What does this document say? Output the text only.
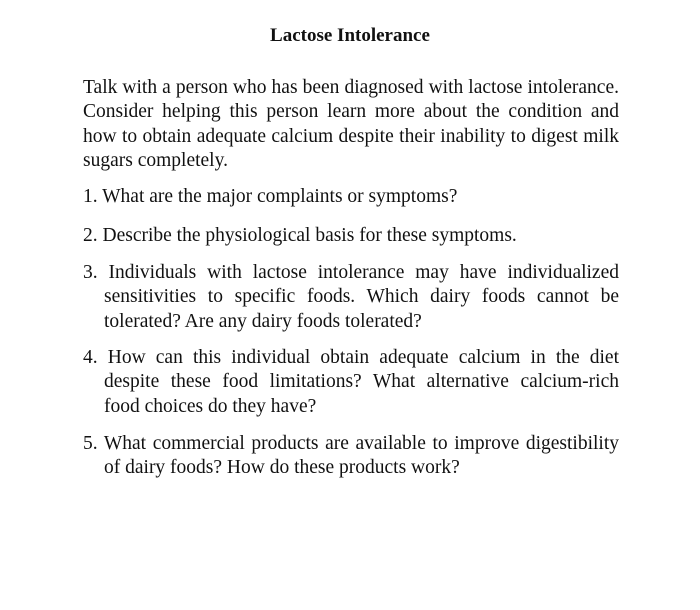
Lactose Intolerance
Talk with a person who has been diagnosed with lactose intolerance. Consider helping this person learn more about the condition and how to obtain adequate calcium despite their inability to digest milk sugars completely.
1. What are the major complaints or symptoms?
2. Describe the physiological basis for these symptoms.
3. Individuals with lactose intolerance may have individualized sensitivities to specific foods. Which dairy foods cannot be tolerated? Are any dairy foods tolerated?
4. How can this individual obtain adequate calcium in the diet despite these food limitations? What alternative calcium-rich food choices do they have?
5. What commercial products are available to improve digestibility of dairy foods? How do these products work?
